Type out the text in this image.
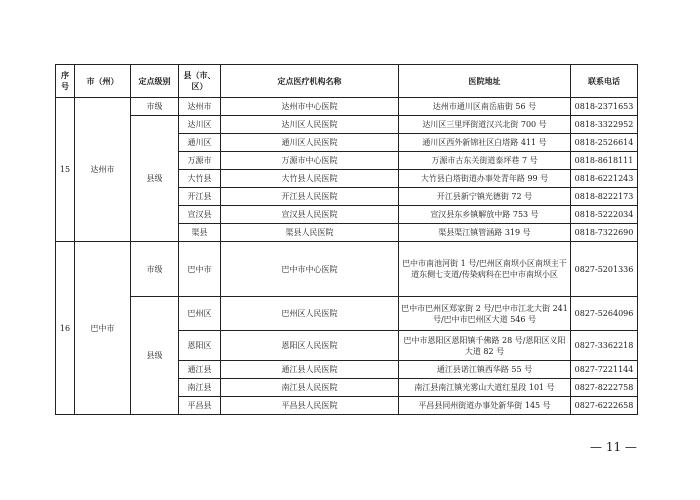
序号	市（州）	定点级别	县（市、区）	定点医疗机构名称	医院地址	联系电话
15	达州市	市级	达州市	达州市中心医院	达州市通川区南岳庙街 56 号	0818-2371653
		县级	达川区	达川区人民医院	达川区三里坪街道汉兴北街 700 号	0818-3322952
			通川区	通川区人民医院	通川区西外新锦社区白塔路 411 号	0818-2526614
			万源市	万源市中心医院	万源市古东关街道泰坪巷 7 号	0818-8618111
			大竹县	大竹县人民医院	大竹县白塔街道办事处青年路 99 号	0818-6221243
			开江县	开江县人民医院	开江县新宁镇光德街 72 号	0818-8222173
			宣汉县	宣汉县人民医院	宣汉县东乡镇解放中路 753 号	0818-5222034
			渠县	渠县人民医院	渠县渠江镇管涵路 319 号	0818-7322690
16	巴中市	市级	巴中市	巴中市中心医院	巴中市南池河街 1 号/巴州区南坝小区南坝主干道东侧七支道/传染病科在巴中市南坝小区	0827-5201336
		县级	巴州区	巴州区人民医院	巴中市巴州区郑家街 2 号/巴中市江北大街 241 号/巴中市巴州区大道 546 号	0827-5264096
			恩阳区	恩阳区人民医院	巴中市恩阳区恩阳镇千佛路 28 号/恩阳区义阳大道 82 号	0827-3362218
			通江县	通江县人民医院	通江县诺江镇西华路 55 号	0827-7221144
			南江县	南江县人民医院	南江县南江镇光雾山大道红星段 101 号	0827-8222758
			平昌县	平昌县人民医院	平昌县同州街道办事处新华街 145 号	0827-6222658
— 11 —
